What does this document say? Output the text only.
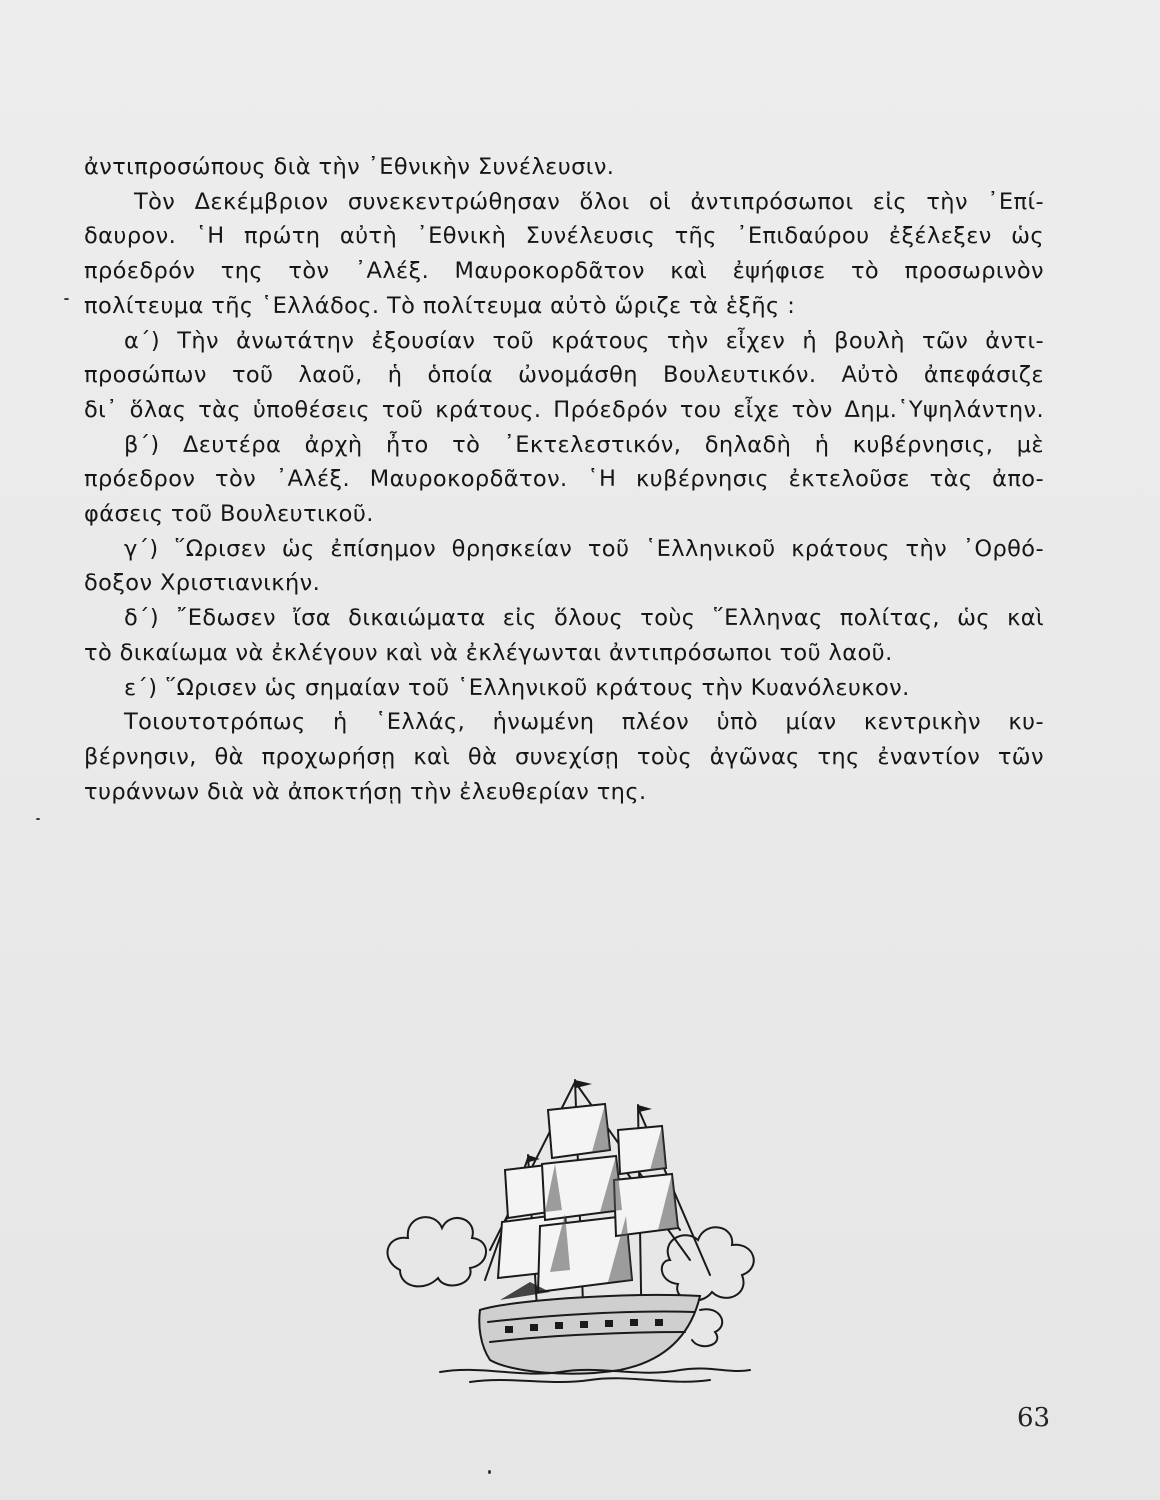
ἀντιπροσώπους διὰ τὴν ᾿Εθνικὴν Συνέλευσιν.
Τὸν Δεκέμβριον συνεκεντρώθησαν ὅλοι οἱ ἀντιπρόσωποι εἰς τὴν ᾿Επί-
δαυρον. ῾Η πρώτη αὐτὴ ᾿Εθνικὴ Συνέλευσις τῆς ᾿Επιδαύρου ἐξέλεξεν ὡς
πρόεδρόν της τὸν ᾿Αλέξ. Μαυροκορδᾶτον καὶ ἐψήφισε τὸ προσωρινὸν
πολίτευμα τῆς ῾Ελλάδος. Τὸ πολίτευμα αὐτὸ ὥριζε τὰ ἑξῆς :
α΄) Τὴν ἀνωτάτην ἐξουσίαν τοῦ κράτους τὴν εἶχεν ἡ βουλὴ τῶν ἀντι-
προσώπων τοῦ λαοῦ, ἡ ὁποία ὠνομάσθη Βουλευτικόν. Αὐτὸ ἀπεφάσιζε
δι᾿ ὅλας τὰς ὑποθέσεις τοῦ κράτους. Πρόεδρόν του εἶχε τὸν Δημ.῾Υψηλάντην.
β΄) Δευτέρα ἀρχὴ ἦτο τὸ ᾿Εκτελεστικόν, δηλαδὴ ἡ κυβέρνησις, μὲ
πρόεδρον τὸν ᾿Αλέξ. Μαυροκορδᾶτον. ῾Η κυβέρνησις ἐκτελοῦσε τὰς ἀπο-
φάσεις τοῦ Βουλευτικοῦ.
γ΄) ῞Ωρισεν ὡς ἐπίσημον θρησκείαν τοῦ ῾Ελληνικοῦ κράτους τὴν ᾿Ορθό-
δοξον Χριστιανικήν.
δ΄) ῎Εδωσεν ἴσα δικαιώματα εἰς ὅλους τοὺς ῞Ελληνας πολίτας, ὡς καὶ
τὸ δικαίωμα νὰ ἐκλέγουν καὶ νὰ ἐκλέγωνται ἀντιπρόσωποι τοῦ λαοῦ.
ε΄) ῞Ωρισεν ὡς σημαίαν τοῦ ῾Ελληνικοῦ κράτους τὴν Κυανόλευκον.
Τοιουτοτρόπως ἡ ῾Ελλάς, ἡνωμένη πλέον ὑπὸ μίαν κεντρικὴν κυ-
βέρνησιν, θὰ προχωρήσῃ καὶ θὰ συνεχίσῃ τοὺς ἀγῶνας της ἐναντίον τῶν
τυράννων διὰ νὰ ἀποκτήσῃ τὴν ἐλευθερίαν της.
63
